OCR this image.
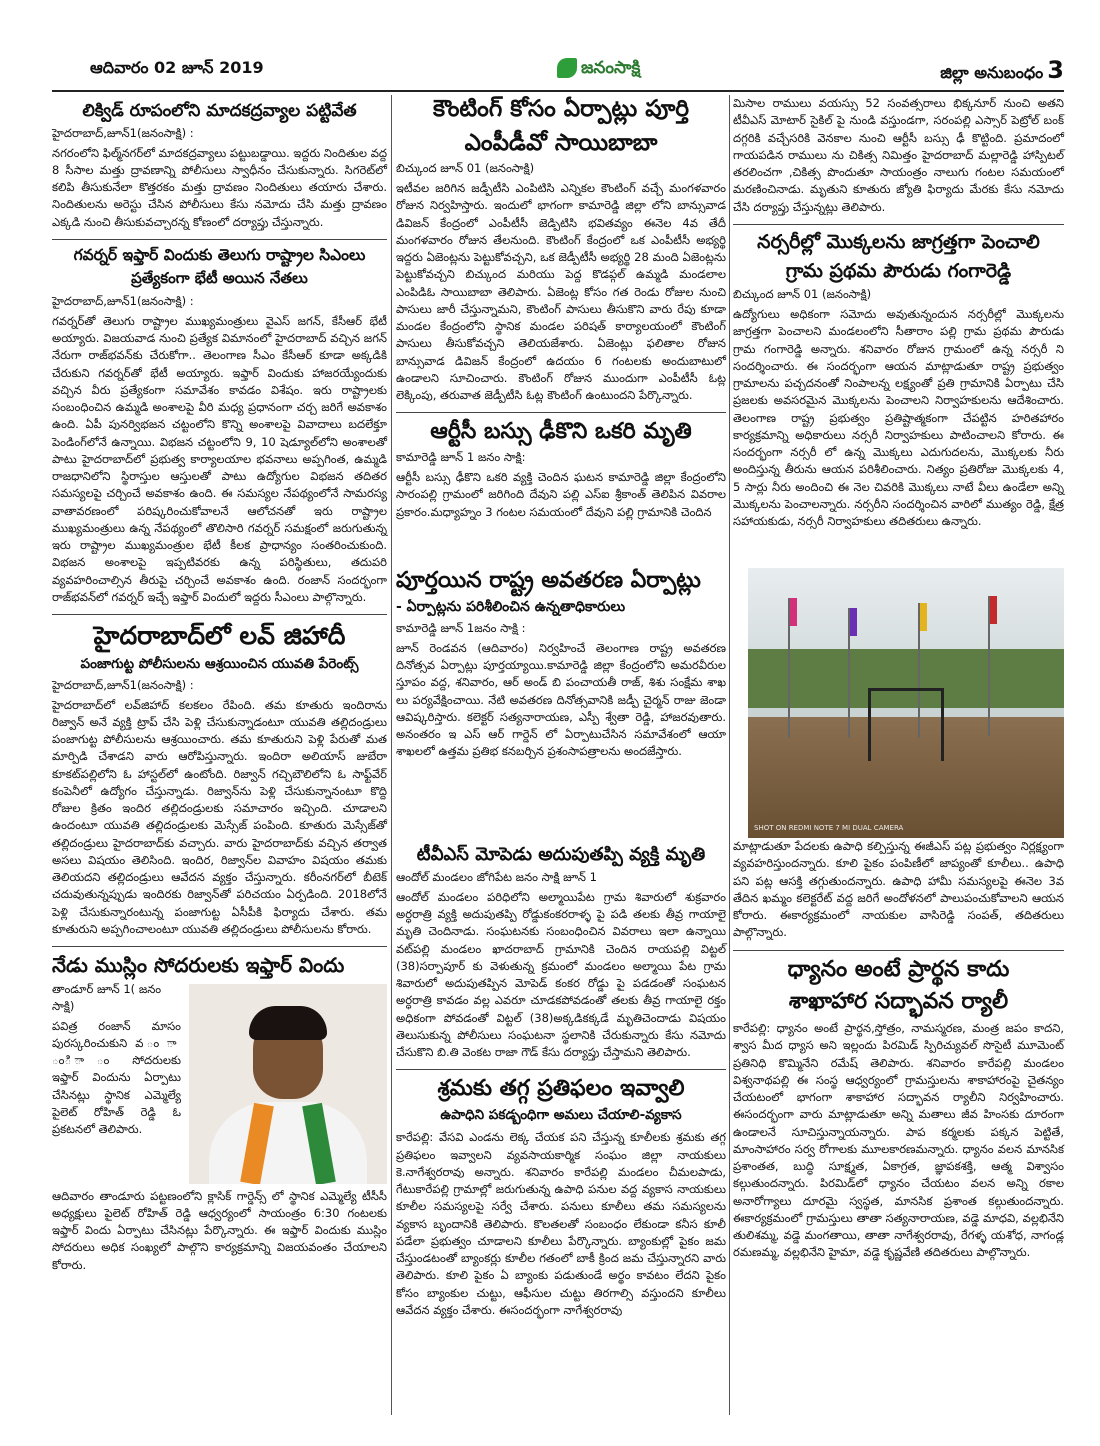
ఆదివారం 02 జూన్ 2019	జనంసాక్షి	జిల్లా అనుబంధం 3
లిక్విడ్ రూపంలోని మాదకద్రవ్యాల పట్టివేత
హైదరాబాద్,జూన్1(జనంసాక్షి) :

నగరంలోని ఫిల్మ్‌నగర్‌లో మాదకద్రవ్యాలు పట్టుబడ్డాయి. ఇద్దరు నిందితుల వద్ద 8 సీసాల మత్తు ద్రావణాన్ని పోలీసులు స్వాధీనం చేసుకున్నారు. సిగరెట్‌లో కలిపి తీసుకునేలా కొత్తరకం మత్తు ద్రావణం నిందితులు తయారు చేశారు. నిందితులను అరెస్టు చేసిన పోలీసులు కేసు నమోదు చేసి మత్తు ద్రావణం ఎక్కడి నుంచి తీసుకువచ్చారన్న కోణంలో దర్యాప్తు చేస్తున్నారు.

గవర్నర్ ఇఫ్తార్ విందుకు తెలుగు రాష్ట్రాల సిఎంలు
ప్రత్యేకంగా భేటీ అయిన నేతలు
హైదరాబాద్,జూన్1(జనంసాక్షి) :

గవర్నర్‌తో తెలుగు రాష్ట్రాల ముఖ్యమంత్రులు వైఎస్ జగన్, కేసీఆర్ భేటీ అయ్యారు. విజయవాడ నుంచి ప్రత్యేక విమానంలో హైదరాబాద్ వచ్చిన జగన్ నేరుగా రాజ్‌భవన్‌కు చేరుకోగా.. తెలంగాణ సీఎం కేసీఆర్ కూడా అక్కడికి చేరుకుని గవర్నర్‌తో భేటీ అయ్యారు. ఇఫ్తార్ విందుకు హాజరయ్యేందుకు వచ్చిన వీరు ప్రత్యేకంగా సమావేశం కావడం విశేషం. ఇరు రాష్ట్రాలకు సంబంధించిన ఉమ్మడి అంశాలపై వీరి మధ్య ప్రధానంగా చర్చ జరిగే అవకాశం ఉంది. ఏపీ పునర్విభజన చట్టంలోని కొన్ని అంశాలపై వివాదాలు బదలేక్తూ పెండింగ్‌లోనే ఉన్నాయి. విభజన చట్టంలోని 9, 10 షెడ్యూల్‌లోని అంశాలతో పాటు హైదరాబాద్‌లో ప్రభుత్వ కార్యాలయాల భవనాలు అప్పగింత, ఉమ్మడి రాజధానిలోని స్థిరాస్తుల ఆస్తులతో పాటు ఉద్యోగుల విభజన తదితర సమస్యలపై చర్చించే అవకాశం ఉంది. ఈ సమస్యల నేపథ్యంలోనే సామరస్య వాతావరణంలో పరిష్కరించుకోవాలనే ఆలోచనతో ఇరు రాష్ట్రాల ముఖ్యమంత్రులు ఉన్న నేపథ్యంలో తొలిసారి గవర్నర్ సమక్షంలో జరుగుతున్న ఇరు రాష్ట్రాల ముఖ్యమంత్రుల భేటీ కీలక ప్రాధాన్యం సంతరించుకుంది. విభజన అంశాలపై ఇప్పటివరకు ఉన్న పరిస్థితులు, తదుపరి వ్యవహరించాల్సిన తీరుపై చర్చించే అవకాశం ఉంది. రంజాన్ సందర్భంగా రాజ్‌భవన్‌లో గవర్నర్ ఇచ్చే ఇఫ్తార్ విందులో ఇద్దరు సీఎంలు పాల్గొన్నారు.

హైదరాబాద్‌లో లవ్ జిహాదీ
పంజాగుట్ట పోలీసులను ఆశ్రయించిన యువతి పేరెంట్స్
హైదరాబాద్,జూన్1(జనంసాక్షి) :

హైదరాబాద్‌లో లవ్‌జిహాద్ కలకలం రేపింది. తమ కూతురు ఇందిరాను రిజ్వాన్ అనే వ్యక్తి ట్రాప్ చేసి పెళ్లి చేసుకున్నాడంటూ యువతి తల్లిదండ్రులు పంజాగుట్ట పోలీసులను ఆశ్రయించారు. తమ కూతురుని పెళ్లి పేరుతో మత మార్పిడి చేశాడని వారు ఆరోపిస్తున్నారు. ఇందిరా అలియాస్ జుబేరా కూకట్‌పల్లిలోని ఓ హాస్టల్‌లో ఉంటోంది. రిజ్వాన్ గచ్చిబౌలిలోని ఓ సాఫ్ట్‌వేర్ కంపెనీలో ఉద్యోగం చేస్తున్నాడు. రిజ్వాన్‌ను పెళ్లి చేసుకున్నానంటూ కొద్ది రోజుల క్రితం ఇందిర తల్లిదండ్రులకు సమాచారం ఇచ్చింది. చూడాలని ఉందంటూ యువతి తల్లిదండ్రులకు మెస్సేజ్ పంపింది. కూతురు మెస్సేజ్‌తో తల్లిదండ్రులు హైదరాబాద్‌కు వచ్చారు. వారు హైదరాబాద్‌కు వచ్చిన తర్వాత అసలు విషయం తెలిసింది. ఇందిర, రిజ్వాన్‌ల వివాహం విషయం తమకు తెలియదని తల్లిదండ్రులు ఆవేదన వ్యక్తం చేస్తున్నారు. కరీంనగర్‌లో బీటెక్ చదువుతున్నప్పుడు ఇందిరకు రిజ్వాన్‌తో పరిచయం ఏర్పడింది. 2018లోనే పెళ్లి చేసుకున్నారంటున్న పంజాగుట్ట ఏసీపీకి ఫిర్యాదు చేశారు. తమ కూతురుని అప్పగించాలంటూ యువతి తల్లిదండ్రులు పోలీసులను కోరారు.

నేడు ముస్లిం సోదరులకు ఇఫ్తార్ విందు
తాండూర్ జూన్ 1( జనం సాక్షి)

పవిత్ర రంజాన్ మాసం పురస్కరించుకుని వ ం ా ంి ా ం సోదరులకు ఇఫ్తార్ విందును ఏర్పాటు చేసినట్లు స్థానిక ఎమ్మెల్యే పైలెట్ రోహిత్ రెడ్డి ఓ ప్రకటనలో తెలిపారు.

ఆదివారం తాండూరు పట్టణంలోని క్లాసిక్ గార్డెన్స్ లో స్థానిక ఎమ్మెల్యే టీసీసీ అధ్యక్షులు పైలెట్ రోహిత్ రెడ్డి ఆధ్వర్యంలో సాయంత్రం 6:30 గంటలకు ఇఫ్తార్ విందు ఏర్పాటు చేసినట్లు పేర్కొన్నారు. ఈ ఇఫ్తార్ విందుకు ముస్లిం సోదరులు అధిక సంఖ్యలో పాల్గొని కార్యక్రమాన్ని విజయవంతం చేయాలని కోరారు.

కౌంటింగ్ కోసం ఏర్పాట్లు పూర్తి
ఎంపీడీవో సాయిబాబా
బిచ్కుంద జూన్ 01 (జనంసాక్షి)

ఇటీవల జరిగిన జడ్పీటీసి ఎంపిటిసి ఎన్నికల కౌంటింగ్ వచ్చే మంగళవారం రోజున నిర్వహిస్తారు. ఇందులో భాగంగా కామారెడ్డి జిల్లా లోని బాన్సువాడ డివిజన్ కేంద్రంలో ఎంపీటీసీ జెడ్పిటిసి భవితవ్యం ఈనెల 4వ తేదీ మంగళవారం రోజున తేలనుంది. కౌంటింగ్ కేంద్రంలో ఒక ఎంపీటీసీ అభ్యర్థి ఇద్దరు ఏజెంట్లను పెట్టుకోవచ్చని, ఒక జెడ్పీటీసీ అభ్యర్థి 28 మంది ఏజెంట్లను పెట్టుకోవచ్చని బిచ్కుంద మరియు పెద్ద కొడప్గల్ ఉమ్మడి మండలాల ఎంపిడిఓ సాయిబాబా తెలిపారు. ఏజెంట్ల కోసం గత రెండు రోజుల నుంచి పాసులు జారీ చేస్తున్నామని, కౌంటింగ్ పాసులు తీసుకొని వారు రేపు కూడా మండల కేంద్రంలోని స్థానిక మండల పరిషత్ కార్యాలయంలో కౌంటింగ్ పాసులు తీసుకోవచ్చని తెలియజేశారు. ఏజెంట్లు ఫలితాల రోజున బాన్సువాడ డివిజన్ కేంద్రంలో ఉదయం 6 గంటలకు అందుబాటులో ఉండాలని సూచించారు. కౌంటింగ్ రోజున ముందుగా ఎంపీటీసీ ఓట్ల లెక్కింపు, తరువాత జెడ్పీటీసి ఓట్ల కౌంటింగ్ ఉంటుందని పేర్కొన్నారు.

ఆర్టీసీ బస్సు ఢీకొని ఒకరి మృతి
కామారెడ్డి జూన్ 1 జనం సాక్షి:

ఆర్టీసీ బస్సు ఢీకొని ఒకరి వ్యక్తి చెందిన ఘటన కామారెడ్డి జిల్లా కేంద్రంలోని సారంపల్లి గ్రామంలో జరిగింది దేవుని పల్లి ఎస్‌ఐ శ్రీకాంత్ తెలిపిన వివరాల ప్రకారం.మధ్యాహ్నం 3 గంటల సమయంలో దేవుని పల్లి గ్రామానికి చెందిన

పూర్తయిన రాష్ట్ర అవతరణ ఏర్పాట్లు
- ఏర్పాట్లను పరిశీలించిన ఉన్నతాధికారులు
కామారెడ్డి జూన్ 1జనం సాక్షి :

జూన్ రెండవన (ఆదివారం) నిర్వహించే తెలంగాణ రాష్ట్ర అవతరణ దినోత్సవ ఏర్పాట్లు పూర్తయ్యాయి.కామారెడ్డి జిల్లా కేంద్రంలోని అమరవీరుల స్తూపం వద్ద, శనివారం, ఆర్ అండ్ బి పంచాయతీ రాజ్, శిశు సంక్షేమ శాఖ లు పర్యవేక్షించాయి. నేటి అవతరణ దినోత్సవానికి జడ్పీ చైర్మన్ రాజు జెండా ఆవిష్కరిస్తారు. కలెక్టర్ సత్యనారాయణ, ఎస్పీ శ్వేతా రెడ్డి, హాజరవుతారు. అనంతరం ఇ ఎస్ ఆర్ గార్డెన్ లో ఏర్పాటుచేసిన సమావేశంలో ఆయా శాఖలలో ఉత్తమ ప్రతిభ కనబర్చిన ప్రశంసాపత్రాలను అందజేస్తారు.

SHOT ON REDMI NOTE 7 MI DUAL CAMERA
టీవీఎస్ మోపెడు అదుపుతప్పి వ్యక్తి మృతి
ఆందోల్ మండలం జోగిపేట జనం సాక్షి జూన్ 1

ఆందోల్ మండలం పరిధిలోని అల్మాయిపేట గ్రామ శివారులో శుక్రవారం అర్ధరాత్రి వ్యక్తి అదుపుతప్పి రోడ్డుకంకరరాళ్ళ పై పడి తలకు తీవ్ర గాయాలై మృతి చెందినాడు. సంఘటనకు సంబంధించిన వివరాలు ఇలా ఉన్నాయి వట్‌పల్లి మండలం ఖాదరాబాద్ గ్రామానికి చెందిన రాయపల్లి విట్టల్ (38)సర్పాపూర్ కు వెళుతున్న క్రమంలో మండలం అల్మాయి పేట గ్రామ శివారులో అదుపుతప్పిన మోపెడ్ కంకర రోడ్డు పై పడడంతో సంఘటన అర్ధరాత్రి కావడం వల్ల ఎవరూ చూడకపోవడంతో తలకు తీవ్ర గాయాలై రక్తం అధికంగా పోవడంతో విట్టల్ (38)అక్కడికక్కడే మృతిచెందాడు విషయం తెలుసుకున్న పోలీసులు సంఘటనా స్థలానికి చేరుకున్నారు కేసు నమోదు చేసుకొని బి.తి వెంకట రాజా గౌడ్ కేసు దర్యాప్తు చేస్తామని తెలిపారు.

శ్రమకు తగ్గ ప్రతిఫలం ఇవ్వాలి
ఉపాధిని పకడ్బంధిగా అమలు చేయాలి-వ్యకాస

కారేపల్లి: వేసవి ఎండను లెక్క చేయక పని చేస్తున్న కూలీలకు శ్రమకు తగ్గ ప్రతిఫలం ఇవ్వాలని వ్యవసాయకార్మిక సంఘం జిల్లా నాయకులు కె.నాగేశ్వరరావు అన్నారు. శనివారం కారేపల్లి మండలం చీమలపాడు, గేటుకారేపల్లి గ్రామాల్లో జరుగుతున్న ఉపాధి పనుల వద్ద వ్యకాస నాయకులు కూలీల సమస్యలపై సర్వే చేశారు. పనులు కూలీలు తమ సమస్యలను వ్యకాస బృందానికి తెలిపారు. కొలతలతో సంబంధం లేకుండా కనీస కూలీ పడేలా ప్రభుత్వం చూడాలని కూలీలు పేర్కొన్నారు. బ్యాంకుల్లో పైకం జమ చేస్తుండటంతో బ్యాంకర్లు కూలీల గతంలో బాకీ క్రింద జమ చేస్తున్నారని వారు తెలిపారు. కూలి పైకం ఏ బ్యాంకు పడుతుండే అర్థం కావటం లేదని పైకం కోసం బ్యాంకుల చుట్టు, ఆఫీసుల చుట్టు తిరగాల్సి వస్తుందని కూలీలు ఆవేదన వ్యక్తం చేశారు. ఈసందర్భంగా నాగేశ్వరరావు

మిసాల రాములు వయస్సు 52 సంవత్సరాలు భిక్కనూర్ నుంచి అతని టీవీఎస్ మోటార్ సైకిల్ పై నుండి వస్తుండగా, సరంపల్లి ఎస్సార్ పెట్రోల్ బంక్ దగ్గరికి వచ్చేసరికి వెనకాల నుంచి ఆర్టీసీ బస్సు ఢీ కొట్టింది. ప్రమాదంలో గాయపడిన రాములు ను చికిత్స నిమిత్తం హైదరాబాద్ మల్లారెడ్డి హాస్పిటల్ తరలించగా ,చికిత్స పొందుతూ సాయంత్రం నాలుగు గంటల సమయంలో మరణించినాడు. మృతుని కూతురు జ్యోతి ఫిర్యాదు మేరకు కేసు నమోదు చేసి దర్యాప్తు చేస్తున్నట్లు తెలిపారు.

నర్సరీల్లో మొక్కలను జాగ్రత్తగా పెంచాలి
గ్రామ ప్రథమ పౌరుడు గంగారెడ్డి
బిచ్కుంద జూన్ 01 (జనంసాక్షి)

ఉద్యోగులు అధికంగా సమోదు అవుతున్నందున నర్సరీల్లో మొక్కలను జాగ్రత్తగా పెంచాలని మండలంలోని సీతారాం పల్లి గ్రామ ప్రథమ పౌరుడు గ్రామ గంగారెడ్డి అన్నారు. శనివారం రోజున గ్రామంలో ఉన్న నర్సరీ ని సందర్శించారు. ఈ సందర్భంగా ఆయన మాట్లాడుతూ రాష్ట్ర ప్రభుత్వం గ్రామాలను పచ్చదనంతో నింపాలన్న లక్ష్యంతో ప్రతి గ్రామానికి ఏర్పాటు చేసి ప్రజలకు అవసరమైన మొక్కలను పెంచాలని నిర్వాహకులను ఆదేశించారు. తెలంగాణ రాష్ట్ర ప్రభుత్వం ప్రతిష్టాత్మకంగా చేపట్టిన హరితహారం కార్యక్రమాన్ని అధికారులు నర్సరీ నిర్వాహకులు పాటించాలని కోరారు. ఈ సందర్భంగా నర్సరీ లో ఉన్న మొక్కలు ఎదుగుదలను, మొక్కలకు నీరు అందిస్తున్న తీరును ఆయన పరిశీలించారు. నిత్యం ప్రతిరోజు మొక్కలకు 4, 5 సార్లు నీరు అందించి ఈ నెల చివరికి మొక్కలు నాటే వీలు ఉండేలా అన్ని మొక్కలను పెంచాలన్నారు. నర్సరీని సందర్శించిన వారిలో ముత్యం రెడ్డి, క్షేత్ర సహాయకుడు, నర్సరీ నిర్వాహకులు తదితరులు ఉన్నారు.

మాట్లాడుతూ పేదలకు ఉపాధి కల్పిస్తున్న ఈజీఎస్ పట్ల ప్రభుత్వం నిర్లక్ష్యంగా వ్యవహరిస్తుందన్నారు. కూలి పైకం పంపిణీలో జాప్యంతో కూలీలు.. ఉపాధి పని పట్ల ఆసక్తి తగ్గుతుందన్నారు. ఉపాధి హామీ సమస్యలపై ఈనెల 3వ తేదిన ఖమ్మం కలెక్టరేట్ వద్ద జరిగే అందోళనలో పాలుపంచుకోవాలని ఆయన కోరారు. ఈకార్యక్రమంలో నాయకుల వాసిరెడ్డి సంపత్, తదితరులు పాల్గొన్నారు.

ధ్యానం అంటే ప్రార్థన కాదు
శాఖాహార సద్భావన ర్యాలీ

కారేపల్లి: ధ్యానం అంటే ప్రార్థన,స్తోత్రం, నామస్మరణ, మంత్ర జపం కాదని, శ్వాస మీద ధ్యాస అని ఇల్లందు పిరమిడ్ స్పిరిచ్యువల్ సొసైటీ మూమెంట్ ప్రతినిధి కొమ్మినేని రమేష్ తెలిపారు. శనివారం కారేపల్లి మండలం విశ్వనాథపల్లి ఈ సంస్థ ఆధ్వర్యంలో గ్రామస్తులను శాకాహారంపై చైతన్యం చేయటంలో భాగంగా శాకాహార సద్భావన ర్యాలీని నిర్వహించారు. ఈసందర్భంగా వారు మాట్లాడుతూ అన్ని మతాలు జీవ హింసకు దూరంగా ఉండాలనే సూచిస్తున్నాయన్నారు. పాప కర్మలకు పక్కన పెట్టితే, మాంసాహారం సర్వ రోగాలకు మూలకారణమన్నారు. ధ్యానం వలన మానసిక ప్రశాంతత, బుద్ధి సూక్ష్మత, ఏకాగ్రత, జ్ఞాపకశక్తి, ఆత్మ విశ్వాసం కల్గుతుందన్నారు. పిరమిడ్‌లో ధ్యానం చేయటం వలన అన్ని రకాల అనారోగ్యాలు దూరమై స్వస్థత, మానసిక ప్రశాంత కల్గుతుందన్నారు. ఈకార్యక్రమంలో గ్రామస్తులు తాతా సత్యనారాయణ, వడ్డె మాధవి, వల్లభినేని తులిశమ్మ, వడ్డె మంగతాయి, తాతా నాగేశ్వరరావు, రేగళ్ళ యశోధ, నాగండ్ల రమణమ్మ, వల్లభినేని హైమా, వడ్డె కృష్ణవేణి తదితరులు పాల్గొన్నారు.
